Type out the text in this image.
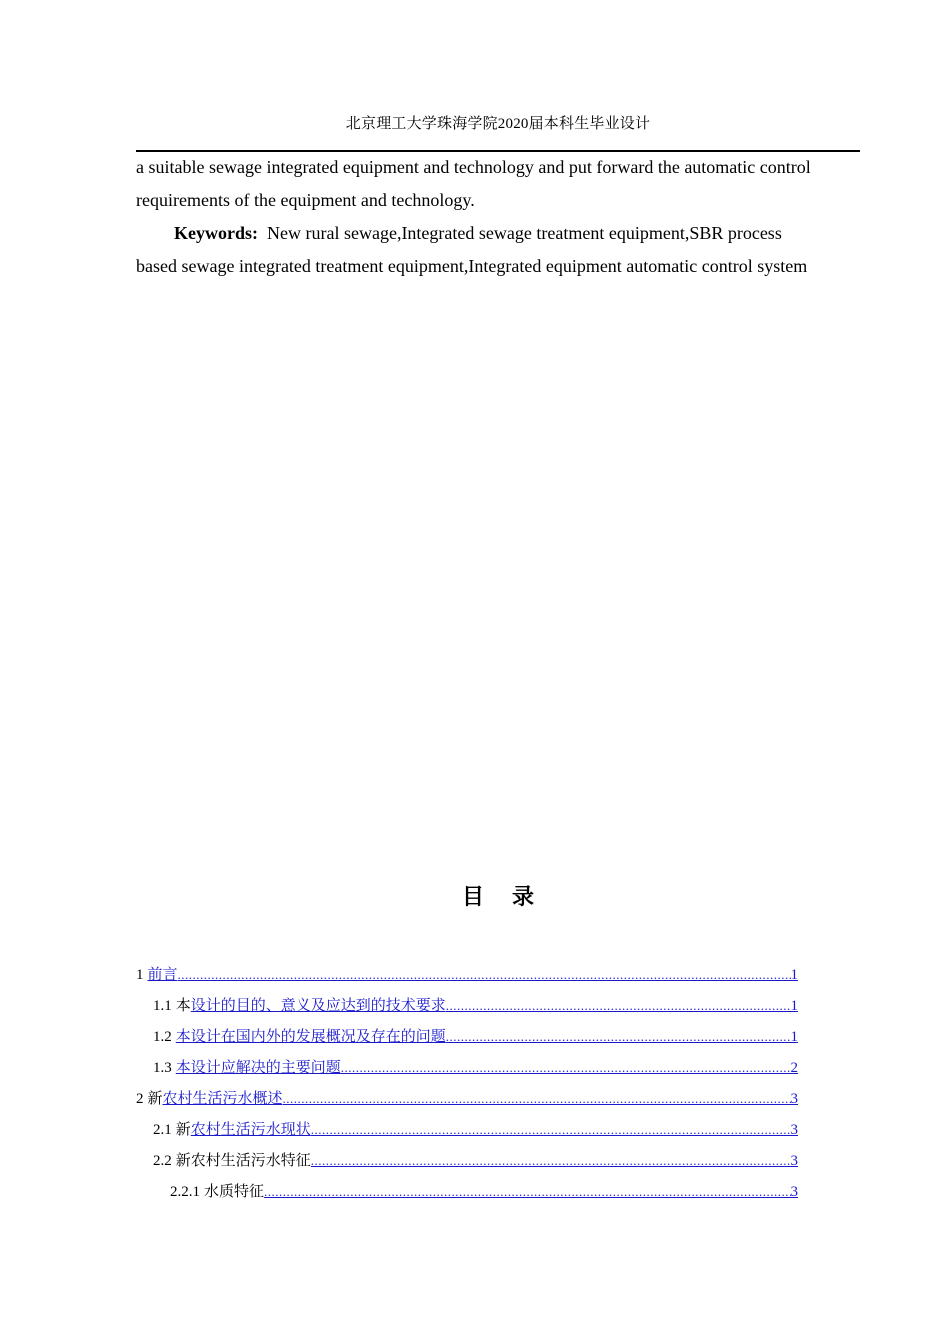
北京理工大学珠海学院2020届本科生毕业设计
a suitable sewage integrated equipment and technology and put forward the automatic control
requirements of the equipment and technology.
Keywords: New rural sewage,Integrated sewage treatment equipment,SBR process
based sewage integrated treatment equipment,Integrated equipment automatic control system
目录
1 前言 .....	1
1.1 本 设计的目的、意义及应达到的技术要求 .....	1
1.2 本设计在国内外的发展概况及存在的问题 .....	1
1.3 本设计应解决的主要问题 .....	2
2 新 农村生活污水概述 .....	3
2.1 新 农村生活污水现状 .....	3
2.2 新农村生活污水特征 .....	3
2.2.1 水质特征 .....	3
